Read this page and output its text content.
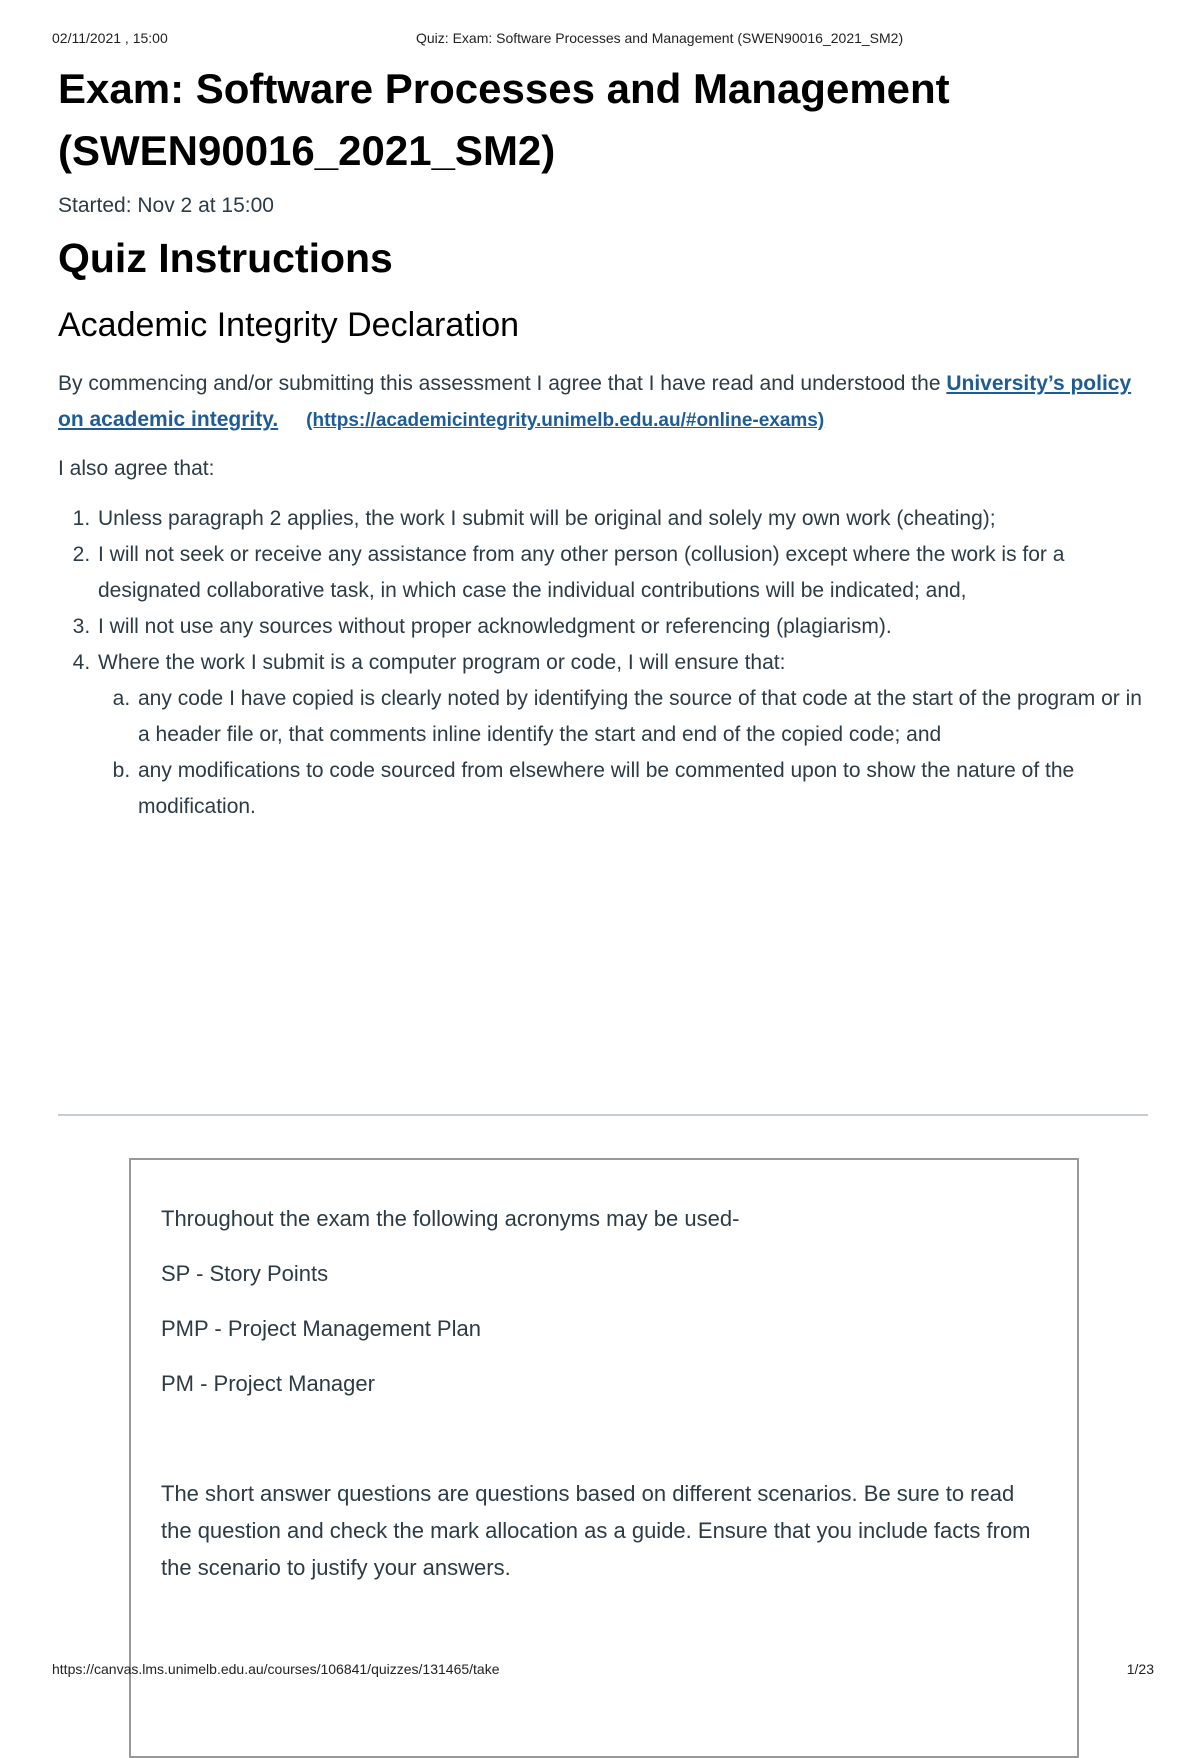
02/11/2021 , 15:00	Quiz: Exam: Software Processes and Management (SWEN90016_2021_SM2)
Exam: Software Processes and Management (SWEN90016_2021_SM2)
Started: Nov 2 at 15:00
Quiz Instructions
Academic Integrity Declaration

By commencing and/or submitting this assessment I agree that I have read and understood the University’s policy on academic integrity. (https://academicintegrity.unimelb.edu.au/#online-exams)

I also agree that:

1. Unless paragraph 2 applies, the work I submit will be original and solely my own work (cheating);
2. I will not seek or receive any assistance from any other person (collusion) except where the work is for a designated collaborative task, in which case the individual contributions will be indicated; and,
3. I will not use any sources without proper acknowledgment or referencing (plagiarism).
4. Where the work I submit is a computer program or code, I will ensure that:
a. any code I have copied is clearly noted by identifying the source of that code at the start of the program or in a header file or, that comments inline identify the start and end of the copied code; and
b. any modifications to code sourced from elsewhere will be commented upon to show the nature of the modification.

Throughout the exam the following acronyms may be used-

SP - Story Points

PMP - Project Management Plan

PM - Project Manager

The short answer questions are questions based on different scenarios. Be sure to read the question and check the mark allocation as a guide. Ensure that you include facts from the scenario to justify your answers.

https://canvas.lms.unimelb.edu.au/courses/106841/quizzes/131465/take	1/23
